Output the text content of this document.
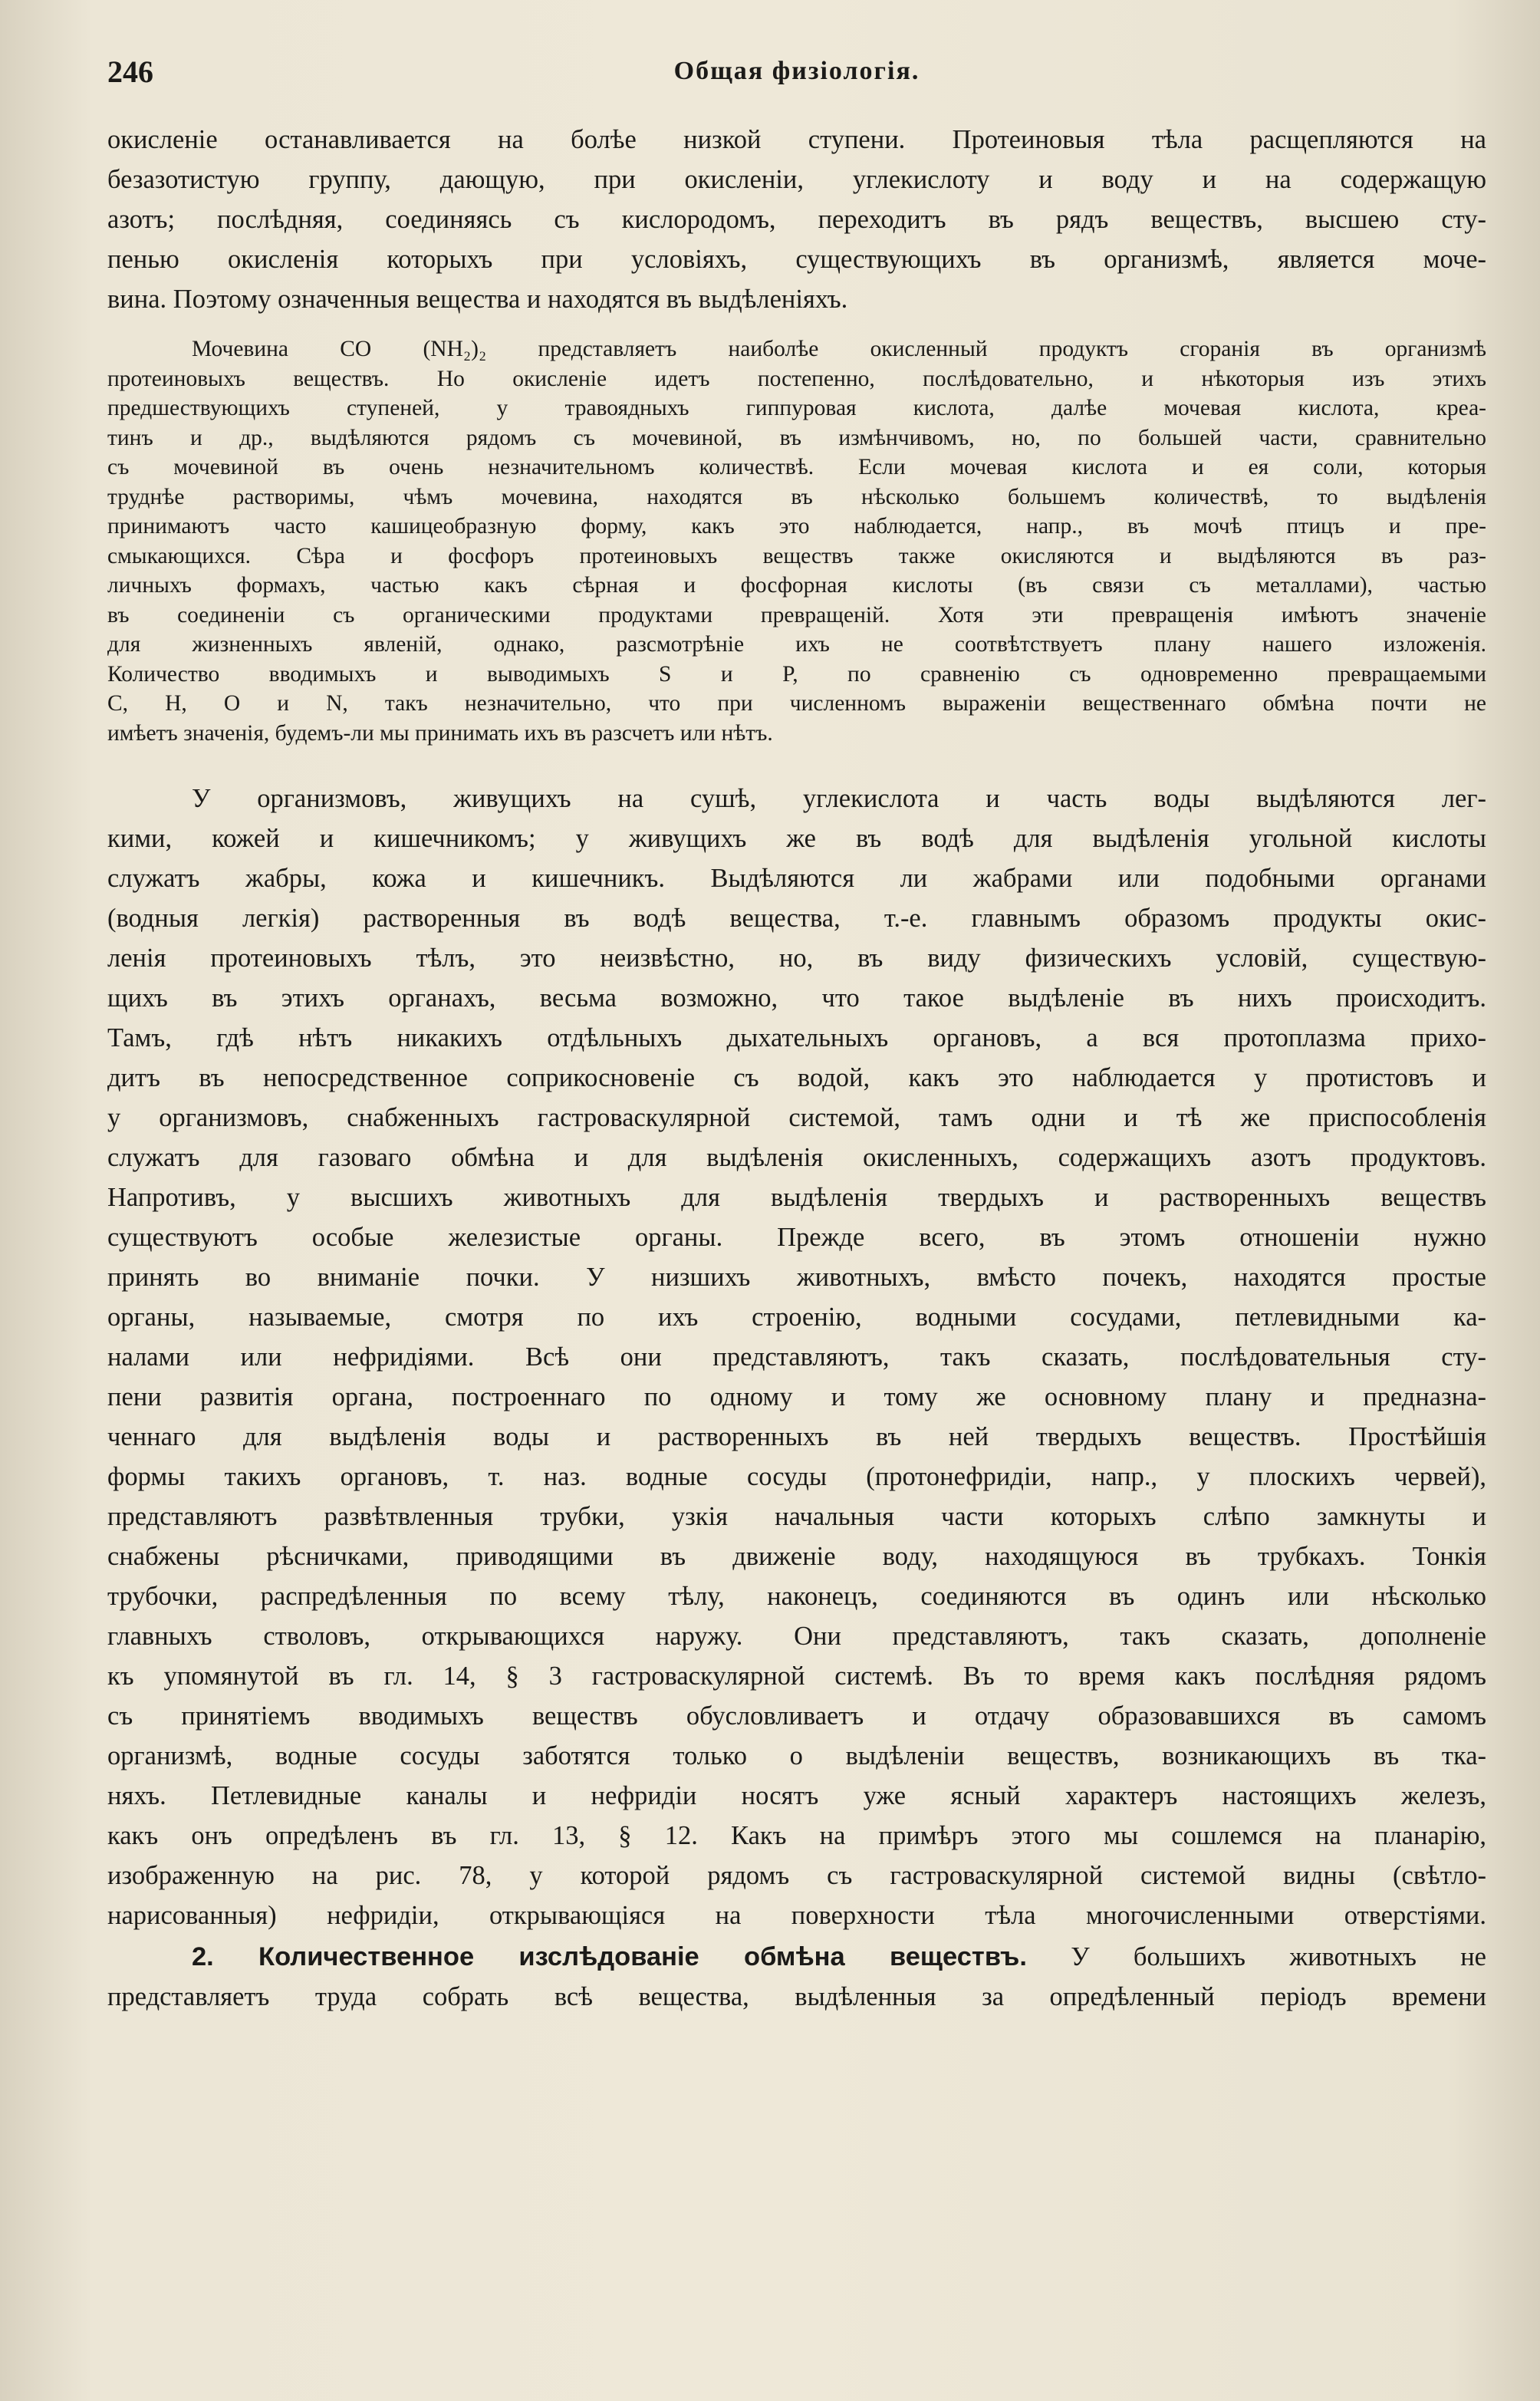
246	Общая физiологiя.

окисленiе останавливается на болѣе низкой ступени. Протеиновыя тѣла расщепляются на

безазотистую группу, дающую, при окисленiи, углекислоту и воду и на содержащую

азотъ; послѣдняя, соединяясь съ кислородомъ, переходитъ въ рядъ веществъ, высшею сту-

пенью окисленiя которыхъ при условiяхъ, существующихъ въ организмѣ, является моче-

вина. Поэтому означенныя вещества и находятся въ выдѣленiяхъ.

Мочевина CO (NH₂)₂ представляетъ наиболѣе окисленный продуктъ сгоранiя въ организмѣ

протеиновыхъ веществъ. Но окисленiе идетъ постепенно, послѣдовательно, и нѣкоторыя изъ этихъ

предшествующихъ ступеней, у травоядныхъ гиппуровая кислота, далѣе мочевая кислота, креа-

тинъ и др., выдѣляются рядомъ съ мочевиной, въ измѣнчивомъ, но, по большей части, сравнительно

съ мочевиной въ очень незначительномъ количествѣ. Если мочевая кислота и ея соли, которыя

труднѣе растворимы, чѣмъ мочевина, находятся въ нѣсколько большемъ количествѣ, то выдѣленiя

принимаютъ часто кашицеобразную форму, какъ это наблюдается, напр., въ мочѣ птицъ и пре-

смыкающихся. Сѣра и фосфоръ протеиновыхъ веществъ также окисляются и выдѣляются въ раз-

личныхъ формахъ, частью какъ сѣрная и фосфорная кислоты (въ связи съ металлами), частью

въ соединенiи съ органическими продуктами превращенiй. Хотя эти превращенiя имѣютъ значенiе

для жизненныхъ явленiй, однако, разсмотрѣнiе ихъ не соотвѣтствуетъ плану нашего изложенiя.

Количество вводимыхъ и выводимыхъ S и P, по сравненiю съ одновременно превращаемыми

C, H, O и N, такъ незначительно, что при численномъ выраженiи вещественнаго обмѣна почти не

имѣетъ значенiя, будемъ-ли мы принимать ихъ въ разсчетъ или нѣтъ.

У организмовъ, живущихъ на сушѣ, углекислота и часть воды выдѣляются лег-

кими, кожей и кишечникомъ; у живущихъ же въ водѣ для выдѣленiя угольной кислоты

служатъ жабры, кожа и кишечникъ. Выдѣляются ли жабрами или подобными органами

(водныя легкiя) растворенныя въ водѣ вещества, т.-е. главнымъ образомъ продукты окис-

ленiя протеиновыхъ тѣлъ, это неизвѣстно, но, въ виду физическихъ условiй, существую-

щихъ въ этихъ органахъ, весьма возможно, что такое выдѣленiе въ нихъ происходитъ.

Тамъ, гдѣ нѣтъ никакихъ отдѣльныхъ дыхательныхъ органовъ, а вся протоплазма прихо-

дитъ въ непосредственное соприкосновенiе съ водой, какъ это наблюдается у протистовъ и

у организмовъ, снабженныхъ гастроваскулярной системой, тамъ одни и тѣ же приспособленiя

служатъ для газоваго обмѣна и для выдѣленiя окисленныхъ, содержащихъ азотъ продуктовъ.

Напротивъ, у высшихъ животныхъ для выдѣленiя твердыхъ и растворенныхъ веществъ

существуютъ особые железистые органы. Прежде всего, въ этомъ отношенiи нужно

принять во вниманiе почки. У низшихъ животныхъ, вмѣсто почекъ, находятся простые

органы, называемые, смотря по ихъ строенiю, водными сосудами, петлевидными ка-

налами или нефридiями. Всѣ они представляютъ, такъ сказать, послѣдовательныя сту-

пени развитiя органа, построеннаго по одному и тому же основному плану и предназна-

ченнаго для выдѣленiя воды и растворенныхъ въ ней твердыхъ веществъ. Простѣйшiя

формы такихъ органовъ, т. наз. водные сосуды (протонефридiи, напр., у плоскихъ червей),

представляютъ развѣтвленныя трубки, узкiя начальныя части которыхъ слѣпо замкнуты и

снабжены рѣсничками, приводящими въ движенiе воду, находящуюся въ трубкахъ. Тонкiя

трубочки, распредѣленныя по всему тѣлу, наконецъ, соединяются въ одинъ или нѣсколько

главныхъ стволовъ, открывающихся наружу. Они представляютъ, такъ сказать, дополненiе

къ упомянутой въ гл. 14, § 3 гастроваскулярной системѣ. Въ то время какъ послѣдняя рядомъ

съ принятiемъ вводимыхъ веществъ обусловливаетъ и отдачу образовавшихся въ самомъ

организмѣ, водные сосуды заботятся только о выдѣленiи веществъ, возникающихъ въ тка-

няхъ. Петлевидные каналы и нефридiи носятъ уже ясный характеръ настоящихъ железъ,

какъ онъ опредѣленъ въ гл. 13, § 12. Какъ на примѣръ этого мы сошлемся на планарiю,

изображенную на рис. 78, у которой рядомъ съ гастроваскулярной системой видны (свѣтло-

нарисованныя) нефридiи, открывающiяся на поверхности тѣла многочисленными отверстiями.

2. Количественное изслѣдованiе обмѣна веществъ. У большихъ животныхъ не

представляетъ труда собрать всѣ вещества, выдѣленныя за опредѣленный перiодъ времени
